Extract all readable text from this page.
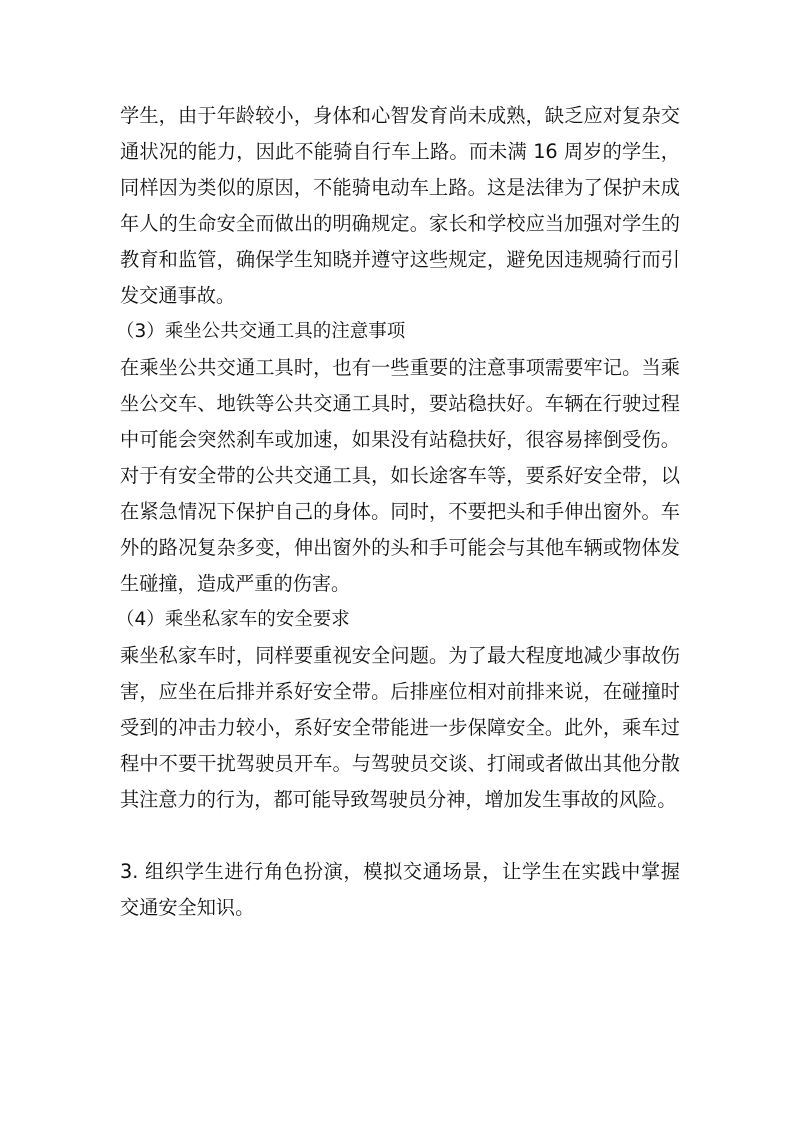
学生，由于年龄较小，身体和心智发育尚未成熟，缺乏应对复杂交通状况的能力，因此不能骑自行车上路。而未满 16 周岁的学生，同样因为类似的原因，不能骑电动车上路。这是法律为了保护未成年人的生命安全而做出的明确规定。家长和学校应当加强对学生的教育和监管，确保学生知晓并遵守这些规定，避免因违规骑行而引发交通事故。

（3）乘坐公共交通工具的注意事项

在乘坐公共交通工具时，也有一些重要的注意事项需要牢记。当乘坐公交车、地铁等公共交通工具时，要站稳扶好。车辆在行驶过程中可能会突然刹车或加速，如果没有站稳扶好，很容易摔倒受伤。对于有安全带的公共交通工具，如长途客车等，要系好安全带，以在紧急情况下保护自己的身体。同时，不要把头和手伸出窗外。车外的路况复杂多变，伸出窗外的头和手可能会与其他车辆或物体发生碰撞，造成严重的伤害。

（4）乘坐私家车的安全要求

乘坐私家车时，同样要重视安全问题。为了最大程度地减少事故伤害，应坐在后排并系好安全带。后排座位相对前排来说，在碰撞时受到的冲击力较小，系好安全带能进一步保障安全。此外，乘车过程中不要干扰驾驶员开车。与驾驶员交谈、打闹或者做出其他分散其注意力的行为，都可能导致驾驶员分神，增加发生事故的风险。

3. 组织学生进行角色扮演，模拟交通场景，让学生在实践中掌握交通安全知识。
